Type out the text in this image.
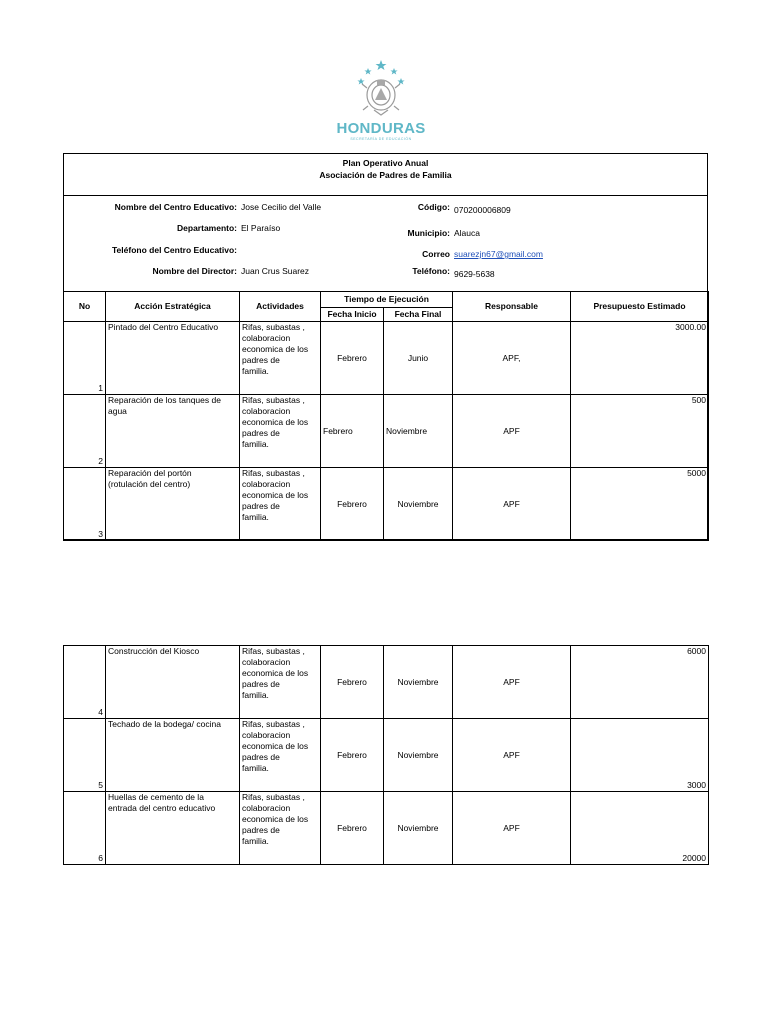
HONDURAS
SECRETARÍA DE EDUCACIÓN
Plan Operativo Anual
Asociación de Padres de Familia
Nombre del Centro Educativo: Jose Cecilio del Valle
Departamento: El Paraíso
Teléfono del Centro Educativo:
Nombre del Director: Juan Crus Suarez
Código: 070200006809
Municipio: Alauca
Correo suarezjn67@gmail.com
Teléfono: 9629-5638
No	Acción Estratégica	Actividades	Tiempo de Ejecución		Responsable	Presupuesto Estimado
			Fecha Inicio	Fecha Final		
1	Pintado del Centro Educativo	Rifas, subastas ,
colaboracion
economica de los
padres de
familia.	Febrero	Junio	APF,	3000.00
2	Reparación de los tanques de
agua	Rifas, subastas ,
colaboracion
economica de los
padres de
familia.	Febrero	Noviembre	APF	500
3	Reparación del portón
(rotulación del centro)	Rifas, subastas ,
colaboracion
economica de los
padres de
familia.	Febrero	Noviembre	APF	5000
4	Construcción del Kiosco	Rifas, subastas ,
colaboracion
economica de los
padres de
familia.	Febrero	Noviembre	APF	6000
5	Techado de la bodega/ cocina	Rifas, subastas ,
colaboracion
economica de los
padres de
familia.	Febrero	Noviembre	APF	3000
6	Huellas de cemento de la
entrada del centro educativo	Rifas, subastas ,
colaboracion
economica de los
padres de
familia.	Febrero	Noviembre	APF	20000
